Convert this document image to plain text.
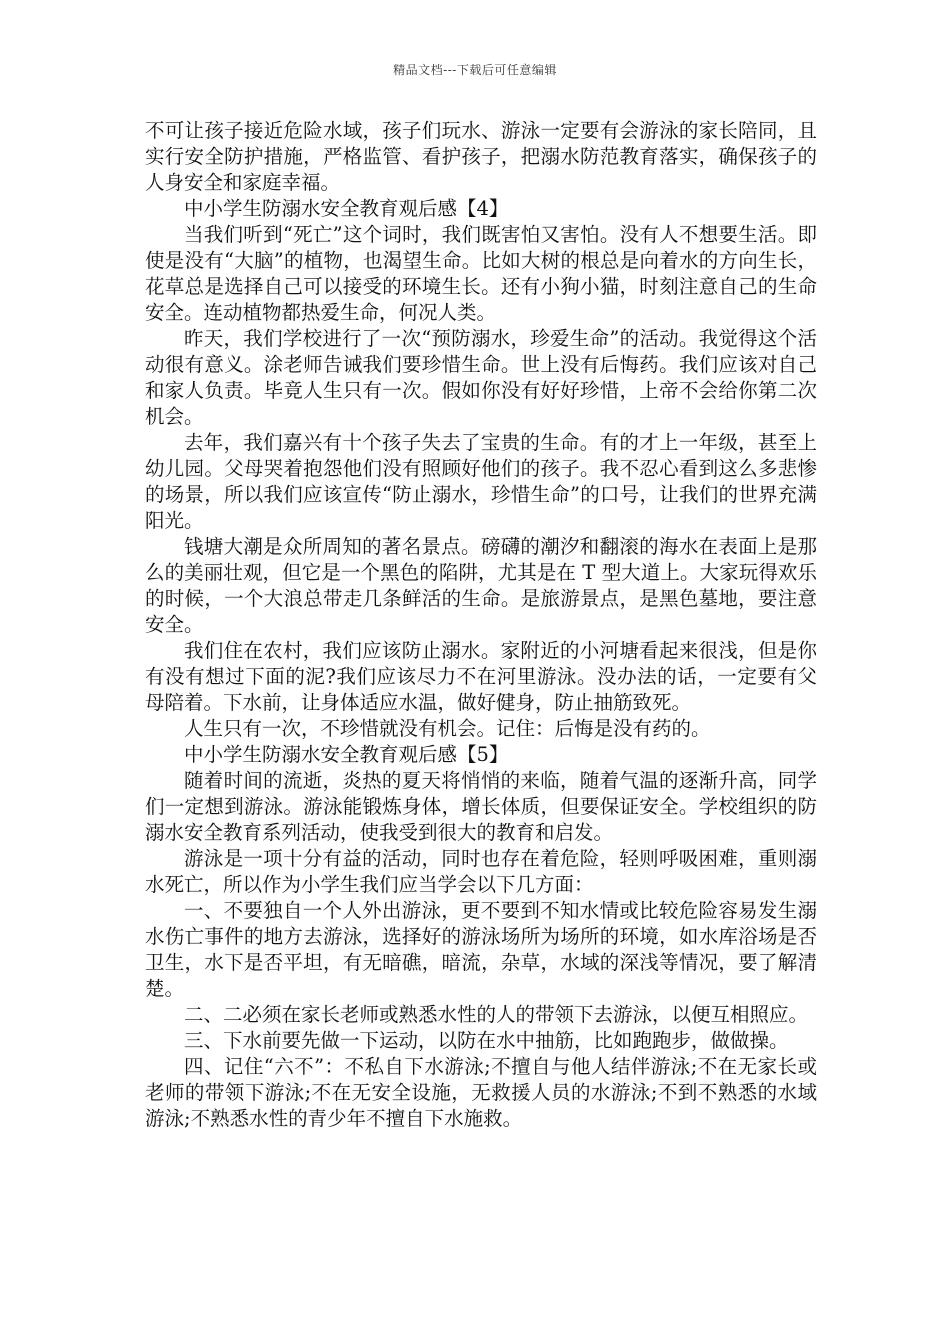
精品文档---下载后可任意编辑

不可让孩子接近危险水域，孩子们玩水、游泳一定要有会游泳的家长陪同，且实行安全防护措施，严格监管、看护孩子，把溺水防范教育落实，确保孩子的人身安全和家庭幸福。

中小学生防溺水安全教育观后感【4】

当我们听到“死亡”这个词时，我们既害怕又害怕。没有人不想要生活。即使是没有“大脑”的植物，也渴望生命。比如大树的根总是向着水的方向生长，花草总是选择自己可以接受的环境生长。还有小狗小猫，时刻注意自己的生命安全。连动植物都热爱生命，何况人类。

昨天，我们学校进行了一次“预防溺水，珍爱生命”的活动。我觉得这个活动很有意义。涂老师告诫我们要珍惜生命。世上没有后悔药。我们应该对自己和家人负责。毕竟人生只有一次。假如你没有好好珍惜，上帝不会给你第二次机会。

去年，我们嘉兴有十个孩子失去了宝贵的生命。有的才上一年级，甚至上幼儿园。父母哭着抱怨他们没有照顾好他们的孩子。我不忍心看到这么多悲惨的场景，所以我们应该宣传“防止溺水，珍惜生命”的口号，让我们的世界充满阳光。

钱塘大潮是众所周知的著名景点。磅礴的潮汐和翻滚的海水在表面上是那么的美丽壮观，但它是一个黑色的陷阱，尤其是在 T 型大道上。大家玩得欢乐的时候，一个大浪总带走几条鲜活的生命。是旅游景点，是黑色墓地，要注意安全。

我们住在农村，我们应该防止溺水。家附近的小河塘看起来很浅，但是你有没有想过下面的泥?我们应该尽力不在河里游泳。没办法的话，一定要有父母陪着。下水前，让身体适应水温，做好健身，防止抽筋致死。

人生只有一次，不珍惜就没有机会。记住：后悔是没有药的。

中小学生防溺水安全教育观后感【5】

随着时间的流逝，炎热的夏天将悄悄的来临，随着气温的逐渐升高，同学们一定想到游泳。游泳能锻炼身体，增长体质，但要保证安全。学校组织的防溺水安全教育系列活动，使我受到很大的教育和启发。

游泳是一项十分有益的活动，同时也存在着危险，轻则呼吸困难，重则溺水死亡，所以作为小学生我们应当学会以下几方面：

一、不要独自一个人外出游泳，更不要到不知水情或比较危险容易发生溺水伤亡事件的地方去游泳，选择好的游泳场所为场所的环境，如水库浴场是否卫生，水下是否平坦，有无暗礁，暗流，杂草，水域的深浅等情况，要了解清楚。

二、二必须在家长老师或熟悉水性的人的带领下去游泳，以便互相照应。

三、下水前要先做一下运动，以防在水中抽筋，比如跑跑步，做做操。

四、记住“六不”：不私自下水游泳;不擅自与他人结伴游泳;不在无家长或老师的带领下游泳;不在无安全设施，无救援人员的水游泳;不到不熟悉的水域游泳;不熟悉水性的青少年不擅自下水施救。
